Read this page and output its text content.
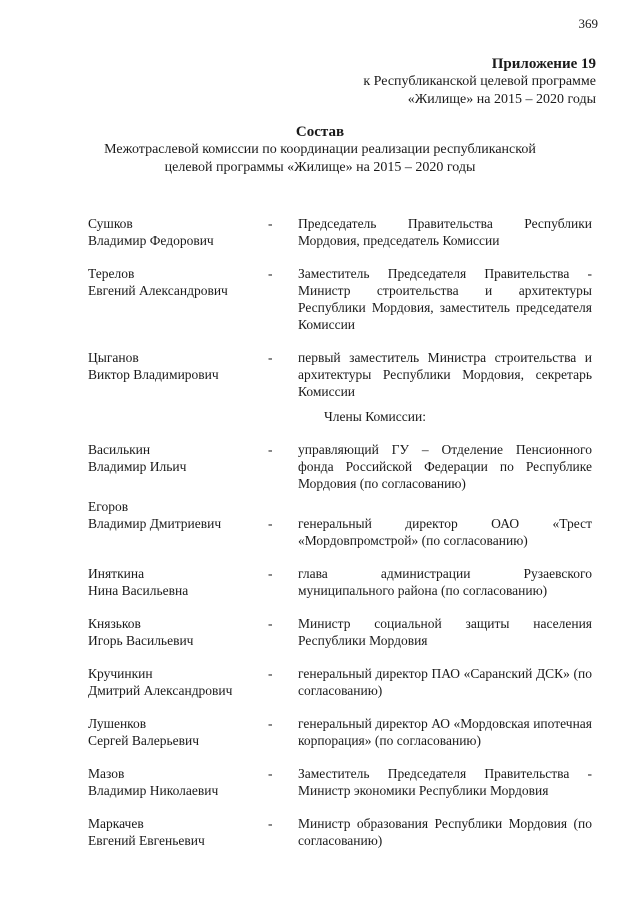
369
Приложение 19
к Республиканской целевой программе
«Жилище» на 2015 – 2020 годы
Состав
Межотраслевой комиссии по координации реализации республиканской
целевой программы «Жилище» на 2015 – 2020 годы
Сушков
Владимир Федорович
-	Председатель Правительства Республики Мордовия, председатель Комиссии
Терелов
Евгений Александрович
-	Заместитель Председателя Правительства - Министр строительства и архитектуры Республики Мордовия, заместитель председателя Комиссии
Цыганов
Виктор Владимирович
-	первый заместитель Министра строительства и архитектуры Республики Мордовия, секретарь Комиссии
Члены Комиссии:
Василькин
Владимир Ильич
-	управляющий ГУ – Отделение Пенсионного фонда Российской Федерации по Республике Мордовия (по согласованию)
Егоров
Владимир Дмитриевич	-	генеральный директор ОАО «Трест «Мордовпромстрой» (по согласованию)
Иняткина
Нина Васильевна
-	глава администрации Рузаевского муниципального района (по согласованию)
Князьков
Игорь Васильевич
-	Министр социальной защиты населения Республики Мордовия
Кручинкин
Дмитрий Александрович
-	генеральный директор ПАО «Саранский ДСК» (по согласованию)
Лушенков
Сергей Валерьевич
-	генеральный директор АО «Мордовская ипотечная корпорация» (по согласованию)
Мазов
Владимир Николаевич
-	Заместитель Председателя Правительства - Министр экономики Республики Мордовия
Маркачев
Евгений Евгеньевич
-	Министр образования Республики Мордовия (по согласованию)
